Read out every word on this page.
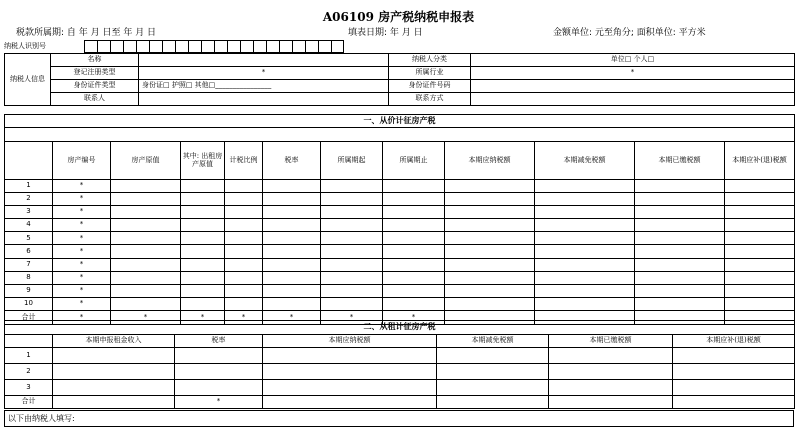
A06109 房产税纳税申报表
税款所属期: 自 年 月 日至 年 月 日	填表日期: 年 月 日	金额单位: 元至角分; 面积单位: 平方米
纳税人识别号
纳税人信息	名称		纳税人分类	单位□ 个人□
	登记注册类型	*	所属行业	*
	身份证件类型	身份证□ 护照□ 其他□________________	身份证件号码	
	联系人		联系方式	
一、从价计征房产税											

	房产编号	房产原值	其中: 出租房产原值	计税比例	税率	所属期起	所属期止	本期应纳税额	本期减免税额	本期已缴税额	本期应补(退)税额
1	*										
2	*										
3	*										
4	*										
5	*										
6	*										
7	*										
8	*										
9	*										
10	*										
合计	*	*	*	*	*	*	*				
二、从租计征房产税						
	本期申报租金收入	税率	本期应纳税额	本期减免税额	本期已缴税额	本期应补(退)税额
1						
2						
3						
合计		*				
以下由纳税人填写:
